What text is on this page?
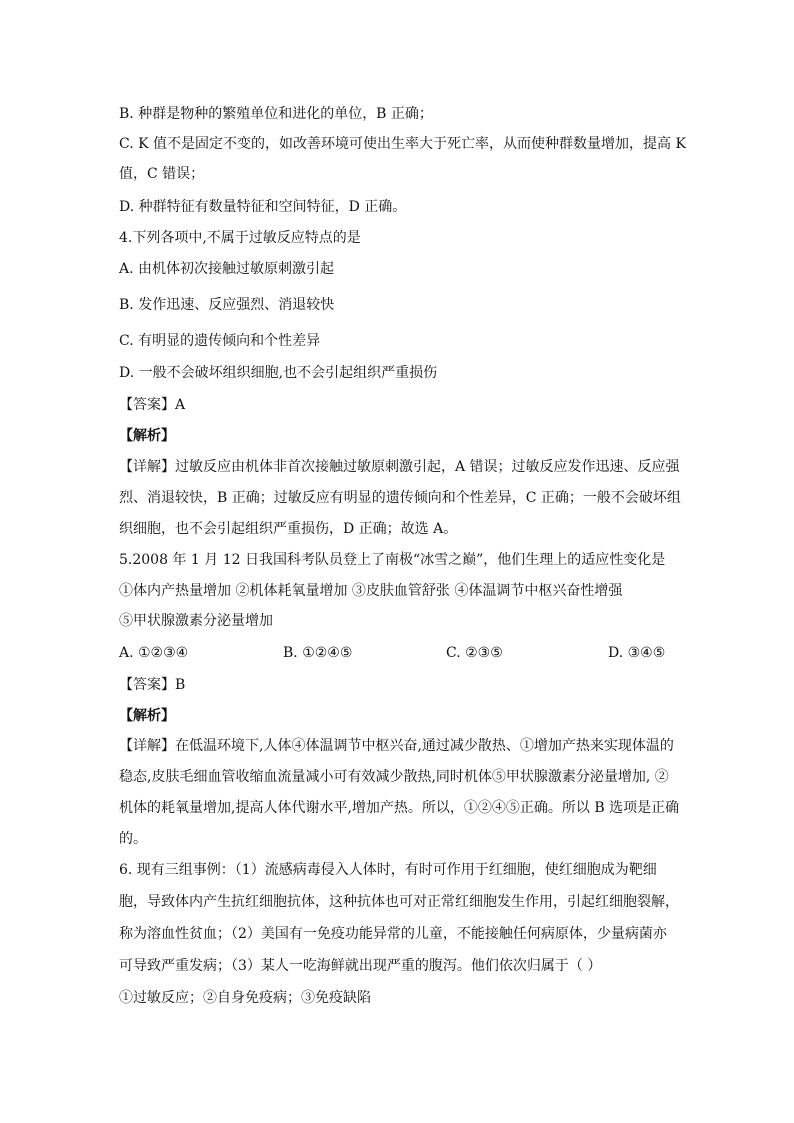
B. 种群是物种的繁殖单位和进化的单位，B 正确；
C. K 值不是固定不变的，如改善环境可使出生率大于死亡率，从而使种群数量增加，提高 K
值，C 错误；
D. 种群特征有数量特征和空间特征，D 正确。
4.下列各项中,不属于过敏反应特点的是
A. 由机体初次接触过敏原刺激引起
B. 发作迅速、反应强烈、消退较快
C. 有明显的遗传倾向和个性差异
D. 一般不会破坏组织细胞,也不会引起组织严重损伤
【答案】A
【解析】
【详解】过敏反应由机体非首次接触过敏原刺激引起，A 错误；过敏反应发作迅速、反应强
烈、消退较快，B 正确；过敏反应有明显的遗传倾向和个性差异，C 正确；一般不会破坏组
织细胞，也不会引起组织严重损伤，D 正确；故选 A。
5.2008 年 1 月 12 日我国科考队员登上了南极“冰雪之巅”，他们生理上的适应性变化是
①体内产热量增加 ②机体耗氧量增加 ③皮肤血管舒张 ④体温调节中枢兴奋性增强
⑤甲状腺激素分泌量增加
A. ①②③④	B. ①②④⑤	C. ②③⑤	D. ③④⑤
【答案】B
【解析】
【详解】在低温环境下,人体④体温调节中枢兴奋,通过减少散热、①增加产热来实现体温的
稳态,皮肤毛细血管收缩血流量减小可有效减少散热,同时机体⑤甲状腺激素分泌量增加, ②
机体的耗氧量增加,提高人体代谢水平,增加产热。所以，①②④⑤正确。所以 B 选项是正确
的。
6. 现有三组事例：（1）流感病毒侵入人体时，有时可作用于红细胞，使红细胞成为靶细
胞，导致体内产生抗红细胞抗体，这种抗体也可对正常红细胞发生作用，引起红细胞裂解，
称为溶血性贫血；（2）美国有一免疫功能异常的儿童，不能接触任何病原体，少量病菌亦
可导致严重发病；（3）某人一吃海鲜就出现严重的腹泻。他们依次归属于（ ）
①过敏反应；②自身免疫病；③免疫缺陷
